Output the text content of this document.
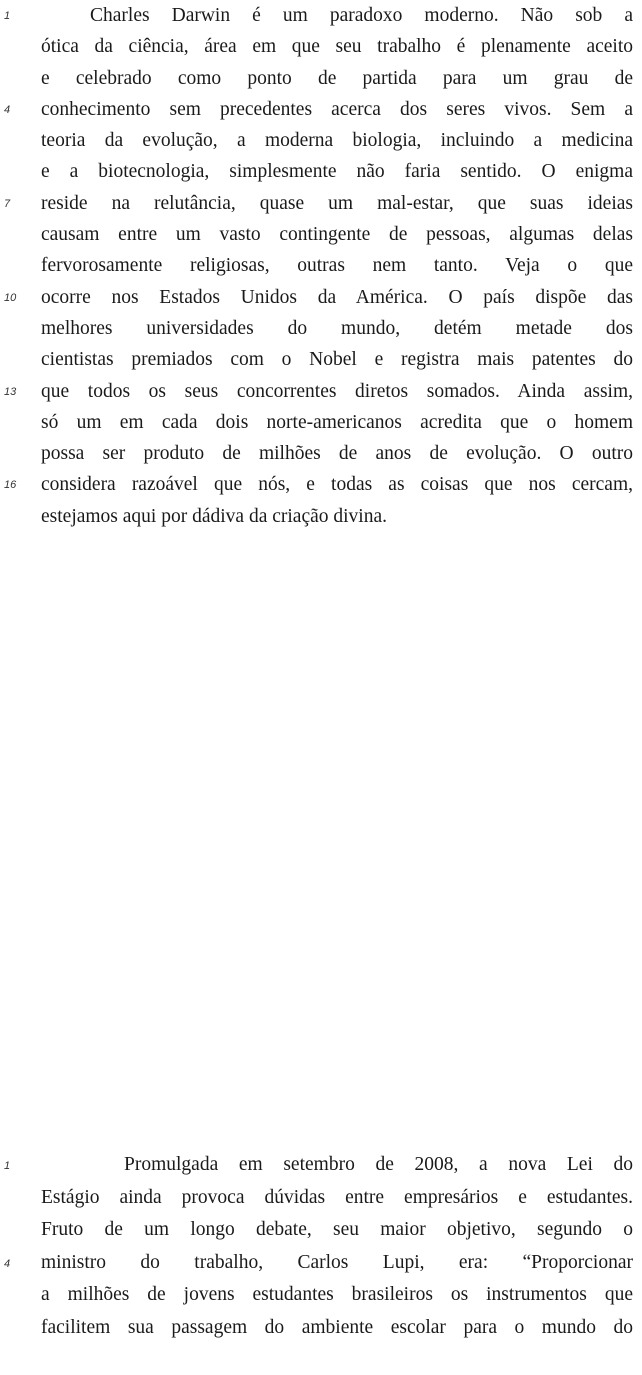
1	Charles Darwin é um paradoxo moderno. Não sob a
ótica da ciência, área em que seu trabalho é plenamente aceito
e celebrado como ponto de partida para um grau de
4	conhecimento sem precedentes acerca dos seres vivos. Sem a
teoria da evolução, a moderna biologia, incluindo a medicina
e a biotecnologia, simplesmente não faria sentido. O enigma
7	reside na relutância, quase um mal-estar, que suas ideias
causam entre um vasto contingente de pessoas, algumas delas
fervorosamente religiosas, outras nem tanto. Veja o que
10	ocorre nos Estados Unidos da América. O país dispõe das
melhores universidades do mundo, detém metade dos
cientistas premiados com o Nobel e registra mais patentes do
13	que todos os seus concorrentes diretos somados. Ainda assim,
só um em cada dois norte-americanos acredita que o homem
possa ser produto de milhões de anos de evolução. O outro
16	considera razoável que nós, e todas as coisas que nos cercam,
estejamos aqui por dádiva da criação divina.
1	Promulgada em setembro de 2008, a nova Lei do
Estágio ainda provoca dúvidas entre empresários e estudantes.
Fruto de um longo debate, seu maior objetivo, segundo o
4	ministro do trabalho, Carlos Lupi, era: “Proporcionar
a milhões de jovens estudantes brasileiros os instrumentos que
facilitem sua passagem do ambiente escolar para o mundo do
